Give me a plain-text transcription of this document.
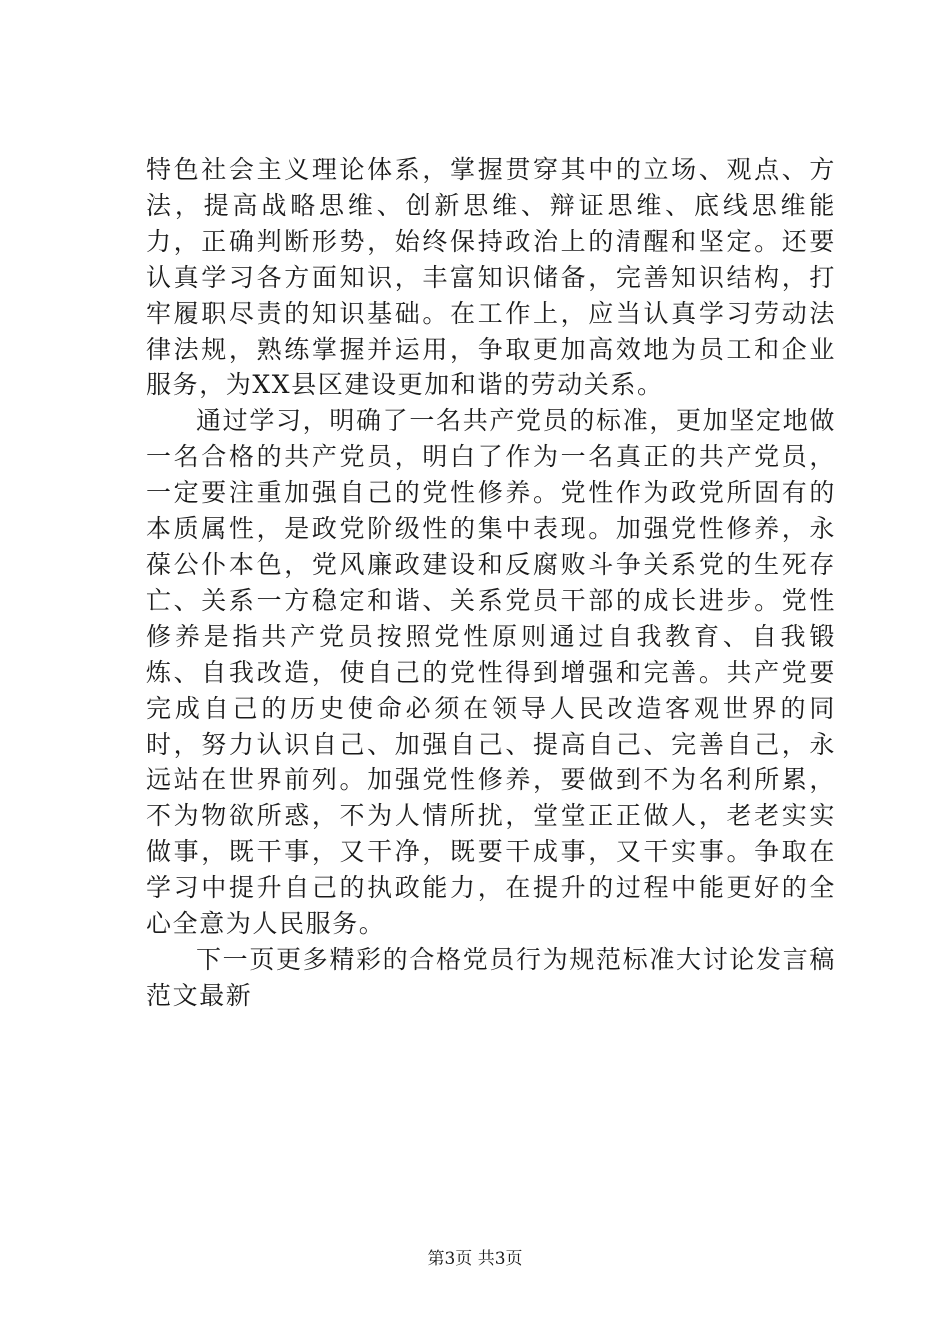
特色社会主义理论体系，掌握贯穿其中的立场、观点、方法，提高战略思维、创新思维、辩证思维、底线思维能力，正确判断形势，始终保持政治上的清醒和坚定。还要认真学习各方面知识，丰富知识储备，完善知识结构，打牢履职尽责的知识基础。在工作上，应当认真学习劳动法律法规，熟练掌握并运用，争取更加高效地为员工和企业服务，为XX县区建设更加和谐的劳动关系。

通过学习，明确了一名共产党员的标准，更加坚定地做一名合格的共产党员，明白了作为一名真正的共产党员，一定要注重加强自己的党性修养。党性作为政党所固有的本质属性，是政党阶级性的集中表现。加强党性修养，永葆公仆本色，党风廉政建设和反腐败斗争关系党的生死存亡、关系一方稳定和谐、关系党员干部的成长进步。党性修养是指共产党员按照党性原则通过自我教育、自我锻炼、自我改造，使自己的党性得到增强和完善。共产党要完成自己的历史使命必须在领导人民改造客观世界的同时，努力认识自己、加强自己、提高自己、完善自己，永远站在世界前列。加强党性修养，要做到不为名利所累，不为物欲所惑，不为人情所扰，堂堂正正做人，老老实实做事，既干事，又干净，既要干成事，又干实事。争取在学习中提升自己的执政能力，在提升的过程中能更好的全心全意为人民服务。

下一页更多精彩的合格党员行为规范标准大讨论发言稿范文最新

第3页 共3页
